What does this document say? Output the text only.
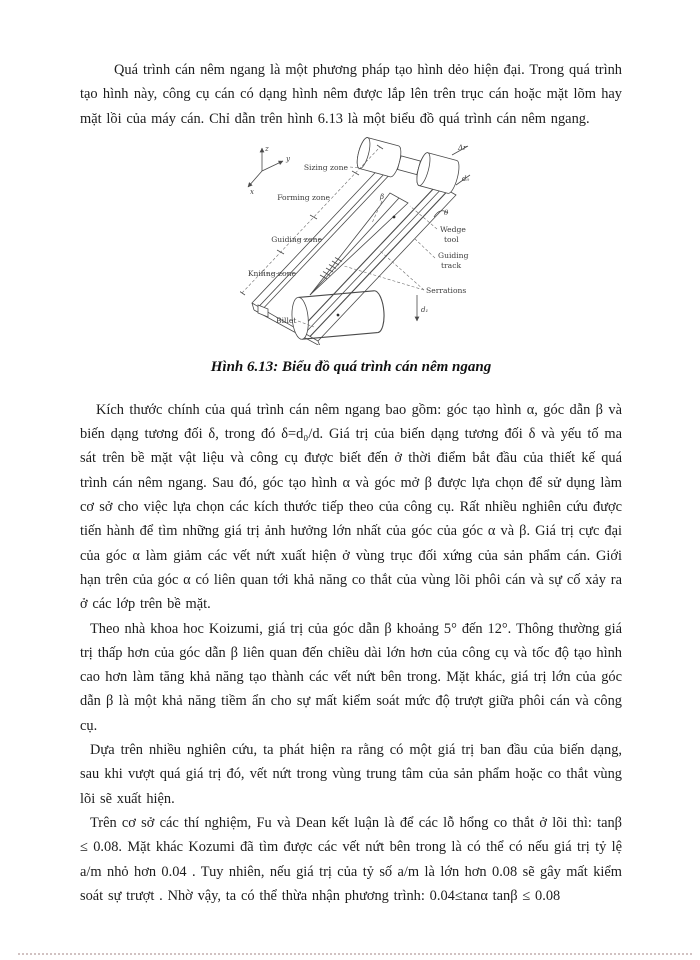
Quá trình cán nêm ngang là một phương pháp tạo hình dẻo hiện đại. Trong quá trình tạo hình này, công cụ cán có dạng hình nêm được lắp lên trên trục cán hoặc mặt lõm hay mặt lồi của máy cán. Chỉ dẫn trên hình 6.13 là một biểu đồ quá trình cán nêm ngang.

z
y
x
Sizing zone
Forming zone
Guiding zone
Knifing zone
Billet
Wedge
tool
Guiding
track
Serrations
Δr
d₀
θ
d₁
β

Hình 6.13: Biểu đồ quá trình cán nêm ngang

Kích thước chính của quá trình cán nêm ngang bao gồm: góc tạo hình α, góc dẫn β và biến dạng tương đối δ, trong đó δ=d₀/d. Giá trị của biến dạng tương đối δ và yếu tố ma sát trên bề mặt vật liệu và công cụ được biết đến ở thời điểm bắt đầu của thiết kế quá trình cán nêm ngang. Sau đó, góc tạo hình α và góc mở β được lựa chọn để sử dụng làm cơ sở cho việc lựa chọn các kích thước tiếp theo của công cụ. Rất nhiều nghiên cứu được tiến hành để tìm những giá trị ảnh hưởng lớn nhất của góc của góc α và β. Giá trị cực đại của góc α làm giảm các vết nứt xuất hiện ở vùng trục đối xứng của sản phẩm cán. Giới hạn trên của góc α có liên quan tới khả năng co thắt của vùng lõi phôi cán và sự cố xảy ra ở các lớp trên bề mặt.

Theo nhà khoa hoc Koizumi, giá trị của góc dẫn β khoảng 5° đến 12°. Thông thường giá trị thấp hơn của góc dẫn β liên quan đến chiều dài lớn hơn của công cụ và tốc độ tạo hình cao hơn làm tăng khả năng tạo thành các vết nứt bên trong. Mặt khác, giá trị lớn của góc dẫn β là một khả năng tiềm ẩn cho sự mất kiểm soát mức độ trượt giữa phôi cán và công cụ.

Dựa trên nhiều nghiên cứu, ta phát hiện ra rằng có một giá trị ban đầu của biến dạng, sau khi vượt quá giá trị đó, vết nứt trong vùng trung tâm của sản phẩm hoặc co thắt vùng lõi sẽ xuất hiện.

Trên cơ sở các thí nghiệm, Fu và Dean kết luận là để các lỗ hổng co thắt ở lõi thì: tanβ ≤ 0.08. Mặt khác Kozumi đã tìm được các vết nứt bên trong là có thể có nếu giá trị tỷ lệ a/m nhỏ hơn 0.04 . Tuy nhiên, nếu giá trị của tỷ số a/m là lớn hơn 0.08 sẽ gây mất kiểm soát sự trượt . Nhờ vậy, ta có thể thừa nhận phương trình: 0.04≤tanα tanβ ≤ 0.08
